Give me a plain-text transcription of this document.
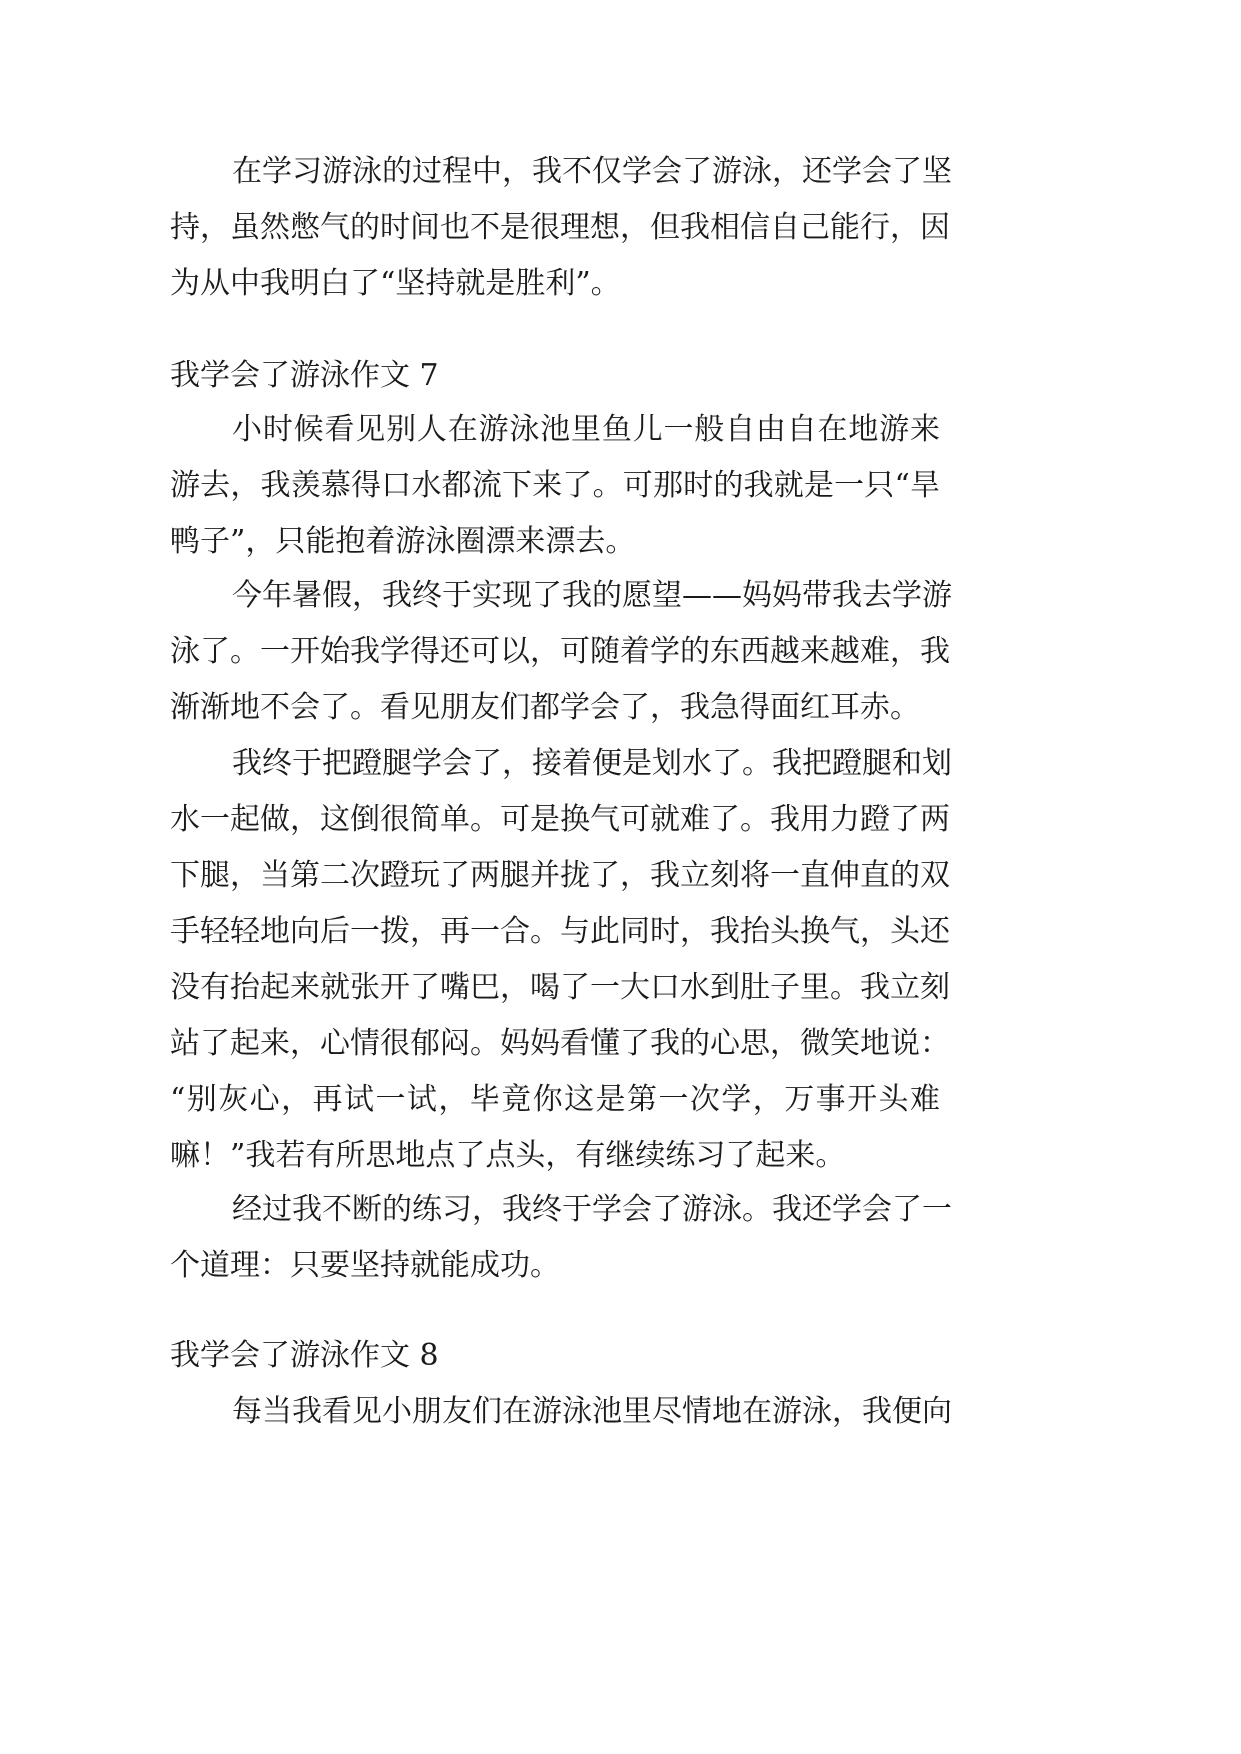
在学习游泳的过程中，我不仅学会了游泳，还学会了坚
持，虽然憋气的时间也不是很理想，但我相信自己能行，因
为从中我明白了“坚持就是胜利”。
我学会了游泳作文 7
小时候看见别人在游泳池里鱼儿一般自由自在地游来
游去，我羡慕得口水都流下来了。可那时的我就是一只“旱
鸭子”，只能抱着游泳圈漂来漂去。
今年暑假，我终于实现了我的愿望——妈妈带我去学游
泳了。一开始我学得还可以，可随着学的东西越来越难，我
渐渐地不会了。看见朋友们都学会了，我急得面红耳赤。
我终于把蹬腿学会了，接着便是划水了。我把蹬腿和划
水一起做，这倒很简单。可是换气可就难了。我用力蹬了两
下腿，当第二次蹬玩了两腿并拢了，我立刻将一直伸直的双
手轻轻地向后一拨，再一合。与此同时，我抬头换气，头还
没有抬起来就张开了嘴巴，喝了一大口水到肚子里。我立刻
站了起来，心情很郁闷。妈妈看懂了我的心思，微笑地说：
“别灰心，再试一试，毕竟你这是第一次学，万事开头难
嘛！”我若有所思地点了点头，有继续练习了起来。
经过我不断的练习，我终于学会了游泳。我还学会了一
个道理：只要坚持就能成功。
我学会了游泳作文 8
每当我看见小朋友们在游泳池里尽情地在游泳，我便向
